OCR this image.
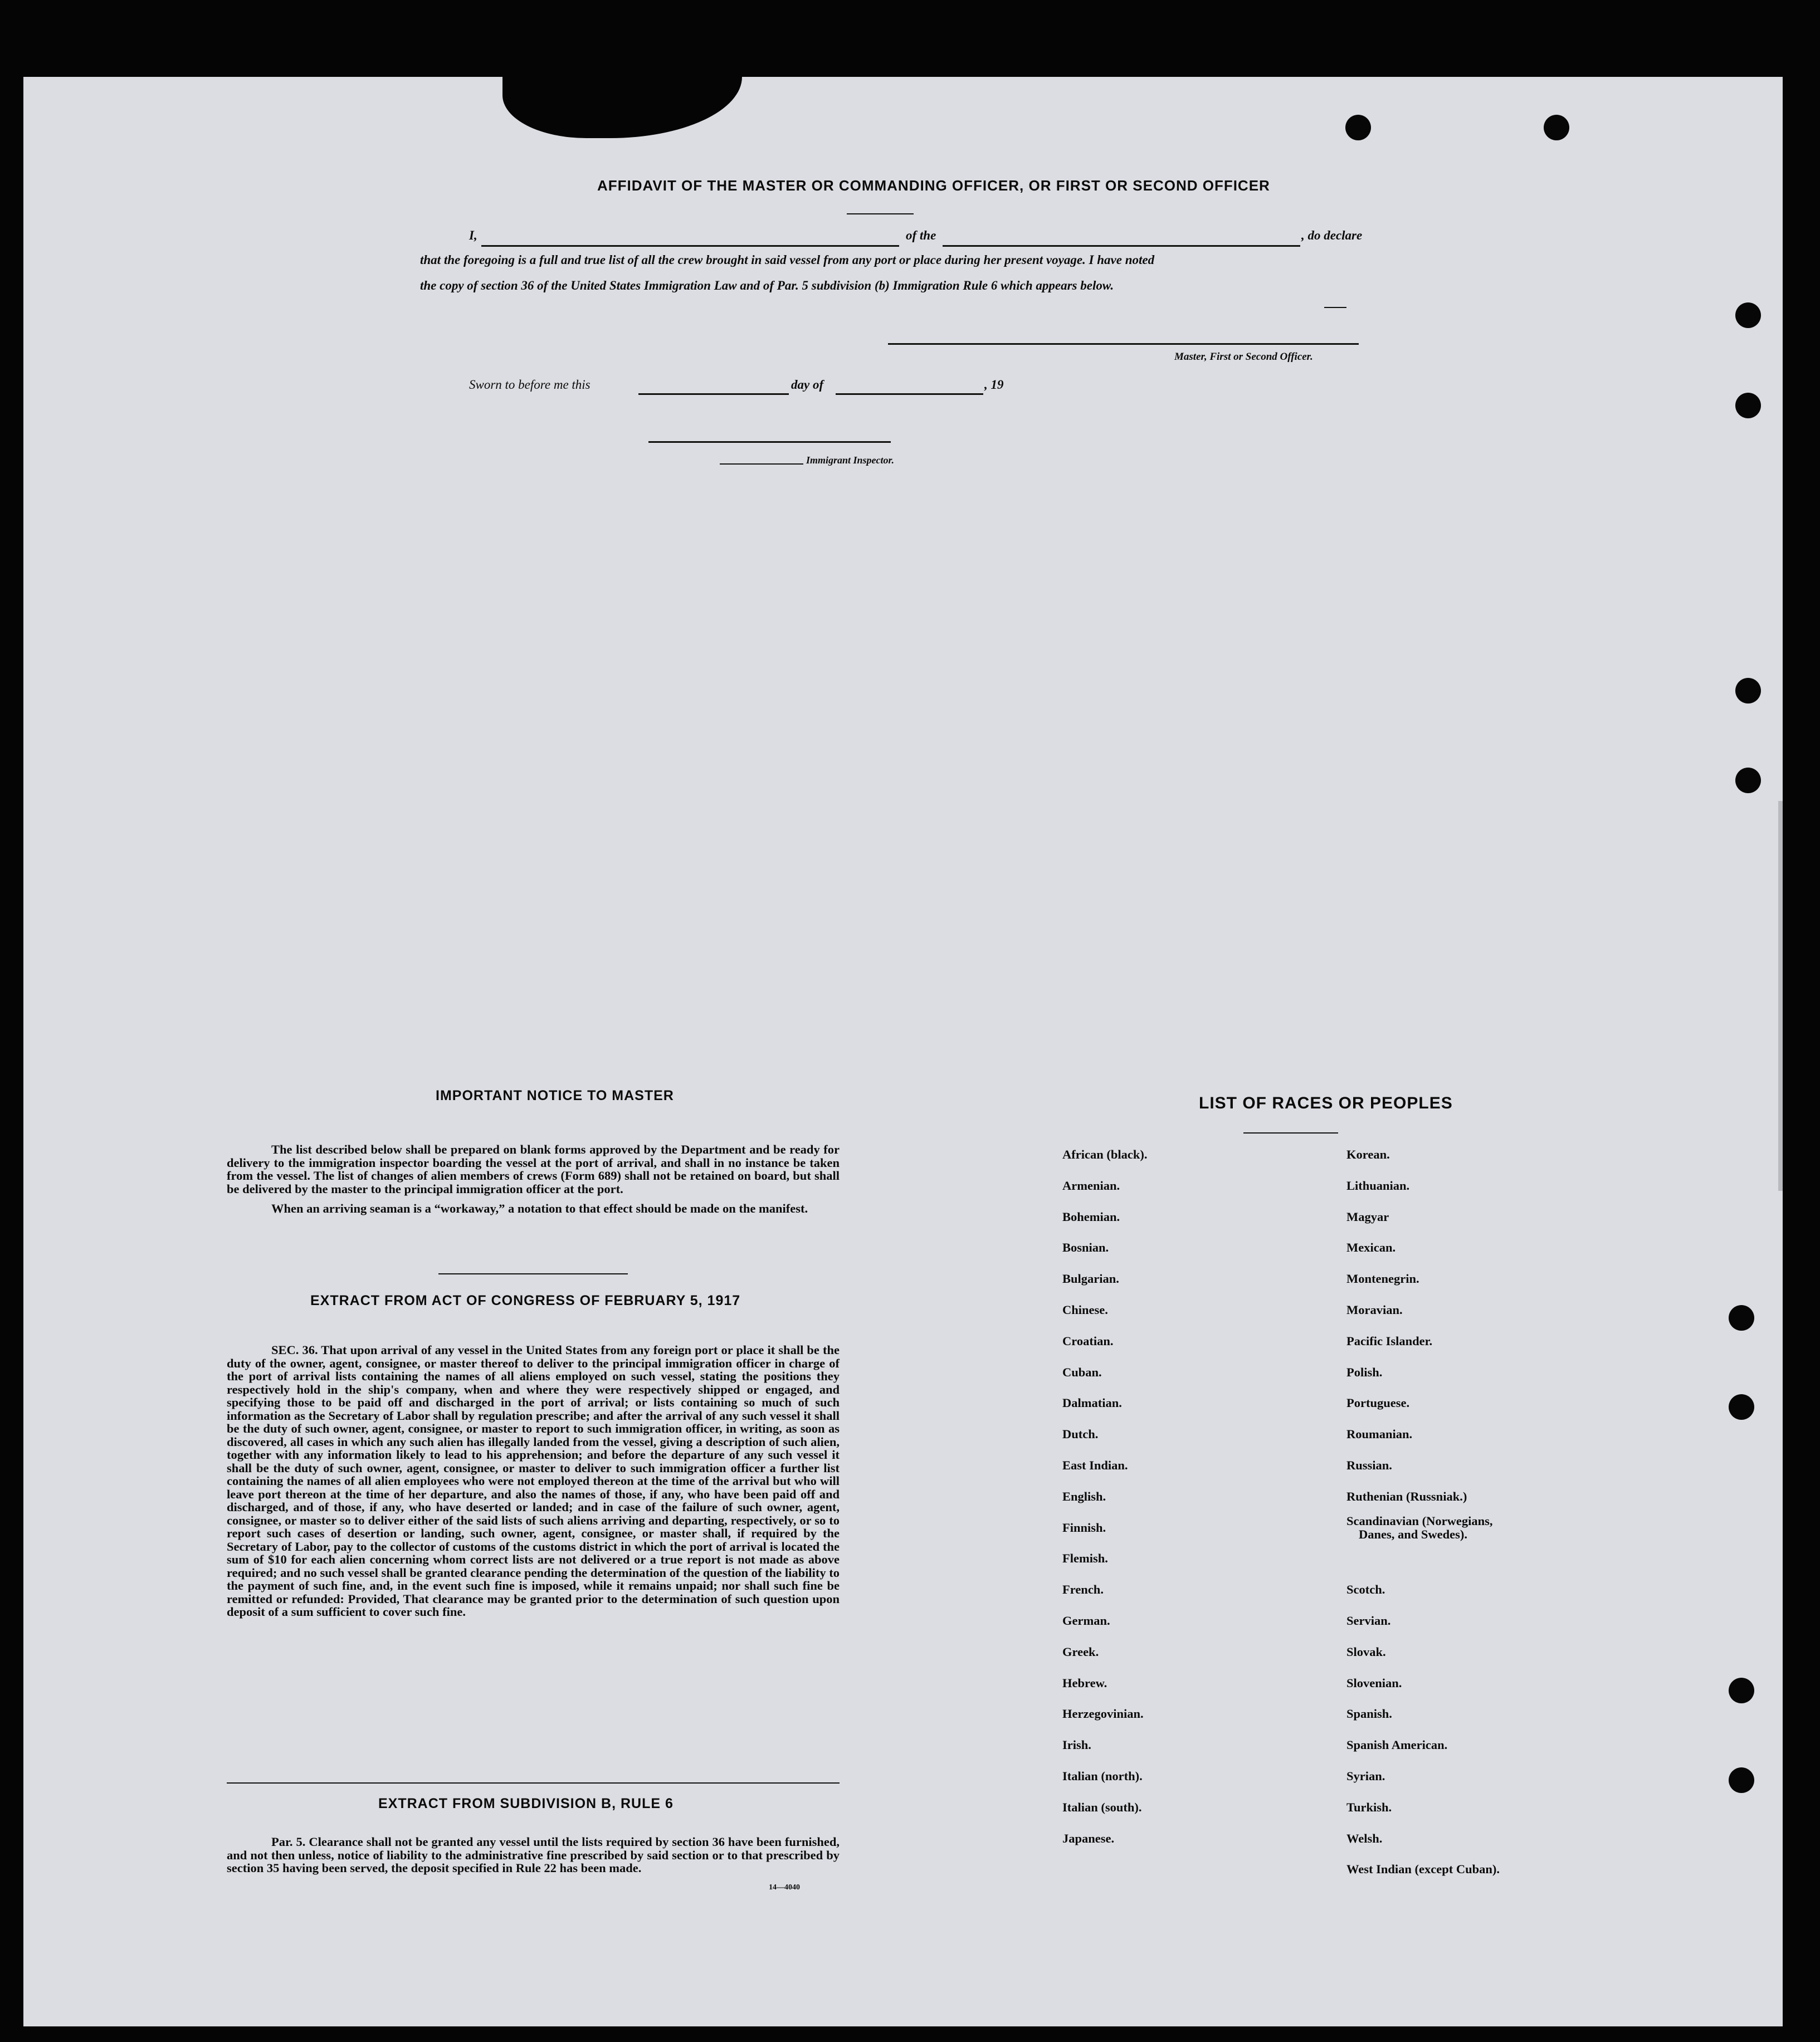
AFFIDAVIT OF THE MASTER OR COMMANDING OFFICER, OR FIRST OR SECOND OFFICER
I,	of the	, do declare
that the foregoing is a full and true list of all the crew brought in said vessel from any port or place during her present voyage. I have noted
the copy of section 36 of the United States Immigration Law and of Par. 5 subdivision (b) Immigration Rule 6 which appears below.
Master, First or Second Officer.
Sworn to before me this	day of	, 19
Immigrant Inspector.
IMPORTANT NOTICE TO MASTER

The list described below shall be prepared on blank forms approved by the Department and be ready for delivery to the immigration inspector boarding the vessel at the port of arrival, and shall in no instance be taken from the vessel. The list of changes of alien members of crews (Form 689) shall not be retained on board, but shall be delivered by the master to the principal immigration officer at the port.

When an arriving seaman is a “workaway,” a notation to that effect should be made on the manifest.

EXTRACT FROM ACT OF CONGRESS OF FEBRUARY 5, 1917

SEC. 36. That upon arrival of any vessel in the United States from any foreign port or place it shall be the duty of the owner, agent, consignee, or master thereof to deliver to the principal immigration officer in charge of the port of arrival lists containing the names of all aliens employed on such vessel, stating the positions they respectively hold in the ship's company, when and where they were respectively shipped or engaged, and specifying those to be paid off and discharged in the port of arrival; or lists containing so much of such information as the Secretary of Labor shall by regulation prescribe; and after the arrival of any such vessel it shall be the duty of such owner, agent, consignee, or master to report to such immigration officer, in writing, as soon as discovered, all cases in which any such alien has illegally landed from the vessel, giving a description of such alien, together with any information likely to lead to his apprehension; and before the departure of any such vessel it shall be the duty of such owner, agent, consignee, or master to deliver to such immigration officer a further list containing the names of all alien employees who were not employed thereon at the time of the arrival but who will leave port thereon at the time of her departure, and also the names of those, if any, who have been paid off and discharged, and of those, if any, who have deserted or landed; and in case of the failure of such owner, agent, consignee, or master so to deliver either of the said lists of such aliens arriving and departing, respectively, or so to report such cases of desertion or landing, such owner, agent, consignee, or master shall, if required by the Secretary of Labor, pay to the collector of customs of the customs district in which the port of arrival is located the sum of $10 for each alien concerning whom correct lists are not delivered or a true report is not made as above required; and no such vessel shall be granted clearance pending the determination of the question of the liability to the payment of such fine, and, in the event such fine is imposed, while it remains unpaid; nor shall such fine be remitted or refunded: Provided, That clearance may be granted prior to the determination of such question upon deposit of a sum sufficient to cover such fine.

EXTRACT FROM SUBDIVISION B, RULE 6

Par. 5. Clearance shall not be granted any vessel until the lists required by section 36 have been furnished, and not then unless, notice of liability to the administrative fine prescribed by said section or to that prescribed by section 35 having been served, the deposit specified in Rule 22 has been made.

14—4040
LIST OF RACES OR PEOPLES
African (black).
Armenian.
Bohemian.
Bosnian.
Bulgarian.
Chinese.
Croatian.
Cuban.
Dalmatian.
Dutch.
East Indian.
English.
Finnish.
Flemish.
French.
German.
Greek.
Hebrew.
Herzegovinian.
Irish.
Italian (north).
Italian (south).
Japanese.
Korean.
Lithuanian.
Magyar
Mexican.
Montenegrin.
Moravian.
Pacific Islander.
Polish.
Portuguese.
Roumanian.
Russian.
Ruthenian (Russniak.)
Scandinavian (Norwegians,
Danes, and Swedes).
Scotch.
Servian.
Slovak.
Slovenian.
Spanish.
Spanish American.
Syrian.
Turkish.
Welsh.
West Indian (except Cuban).
